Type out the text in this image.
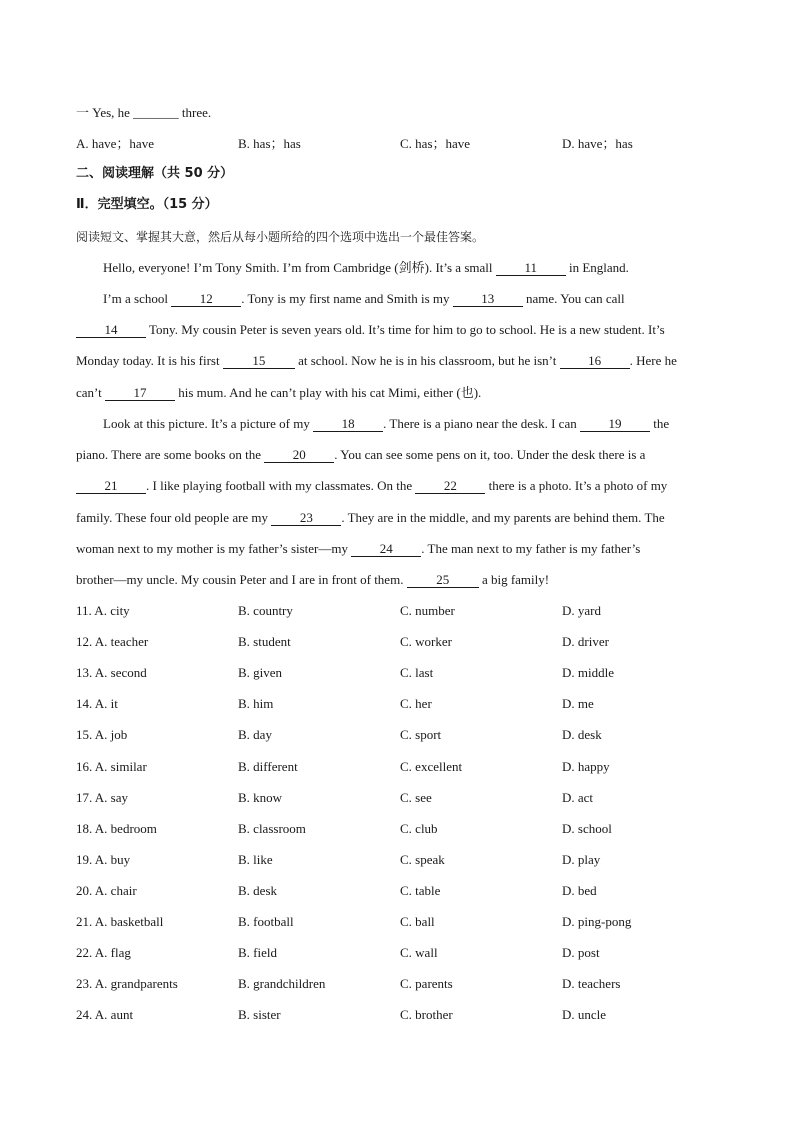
一 Yes, he _______ three.
A. have；have	B. has；has	C. has；have	D. have；has
二、阅读理解（共 50 分）
Ⅱ．完型填空。（15 分）
阅读短文、掌握其大意，然后从每小题所给的四个选项中选出一个最佳答案。
Hello, everyone! I’m Tony Smith. I’m from Cambridge (剑桥). It’s a small 11 in England.
I’m a school 12 . Tony is my first name and Smith is my 13 name. You can call
14 Tony. My cousin Peter is seven years old. It’s time for him to go to school. He is a new student. It’s
Monday today. It is his first 15 at school. Now he is in his classroom, but he isn’t 16 . Here he
can’t 17 his mum. And he can’t play with his cat Mimi, either (也).
Look at this picture. It’s a picture of my 18 . There is a piano near the desk. I can 19 the
piano. There are some books on the 20 . You can see some pens on it, too. Under the desk there is a
21 . I like playing football with my classmates. On the 22 there is a photo. It’s a photo of my
family. These four old people are my 23 . They are in the middle, and my parents are behind them. The
woman next to my mother is my father’s sister—my 24 . The man next to my father is my father’s
brother—my uncle. My cousin Peter and I are in front of them. 25 a big family!
11. A. city	B. country	C. number	D. yard
12. A. teacher	B. student	C. worker	D. driver
13. A. second	B. given	C. last	D. middle
14. A. it	B. him	C. her	D. me
15. A. job	B. day	C. sport	D. desk
16. A. similar	B. different	C. excellent	D. happy
17. A. say	B. know	C. see	D. act
18. A. bedroom	B. classroom	C. club	D. school
19. A. buy	B. like	C. speak	D. play
20. A. chair	B. desk	C. table	D. bed
21. A. basketball	B. football	C. ball	D. ping-pong
22. A. flag	B. field	C. wall	D. post
23. A. grandparents	B. grandchildren	C. parents	D. teachers
24. A. aunt	B. sister	C. brother	D. uncle
